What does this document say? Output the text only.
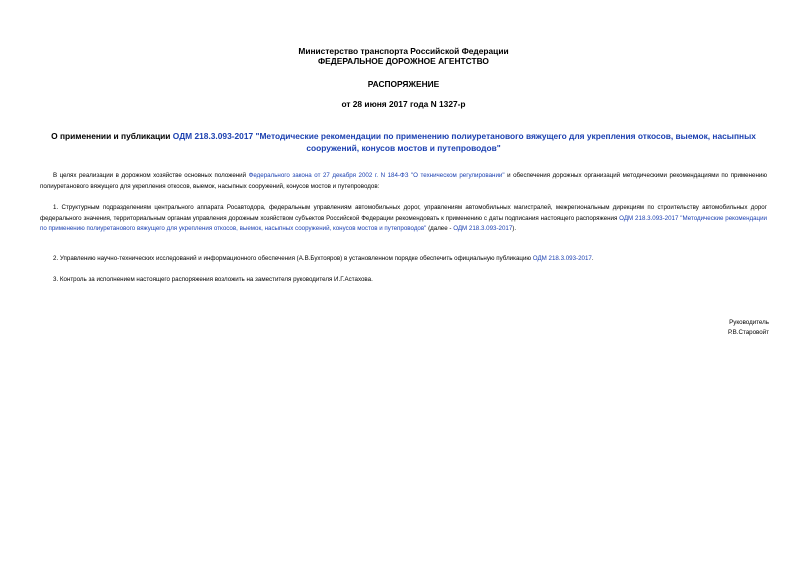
Министерство транспорта Российской Федерации
ФЕДЕРАЛЬНОЕ ДОРОЖНОЕ АГЕНТСТВО
РАСПОРЯЖЕНИЕ
от 28 июня 2017 года N 1327-р
О применении и публикации ОДМ 218.3.093-2017 "Методические рекомендации по применению полиуретанового вяжущего для укрепления откосов, выемок, насыпных сооружений, конусов мостов и путепроводов"
В целях реализации в дорожном хозяйстве основных положений Федерального закона от 27 декабря 2002 г. N 184-ФЗ "О техническом регулировании" и обеспечения дорожных организаций методическими рекомендациями по применению полиуретанового вяжущего для укрепления откосов, выемок, насыпных сооружений, конусов мостов и путепроводов:
1. Структурным подразделениям центрального аппарата Росавтодора, федеральным управлениям автомобильных дорог, управлениям автомобильных магистралей, межрегиональным дирекциям по строительству автомобильных дорог федерального значения, территориальным органам управления дорожным хозяйством субъектов Российской Федерации рекомендовать к применению с даты подписания настоящего распоряжения ОДМ 218.3.093-2017 "Методические рекомендации по применению полиуретанового вяжущего для укрепления откосов, выемок, насыпных сооружений, конусов мостов и путепроводов" (далее - ОДМ 218.3.093-2017).
2. Управлению научно-технических исследований и информационного обеспечения (А.В.Бухтояров) в установленном порядке обеспечить официальную публикацию ОДМ 218.3.093-2017.
3. Контроль за исполнением настоящего распоряжения возложить на заместителя руководителя И.Г.Астахова.
Руководитель
Р.В.Старовойт
